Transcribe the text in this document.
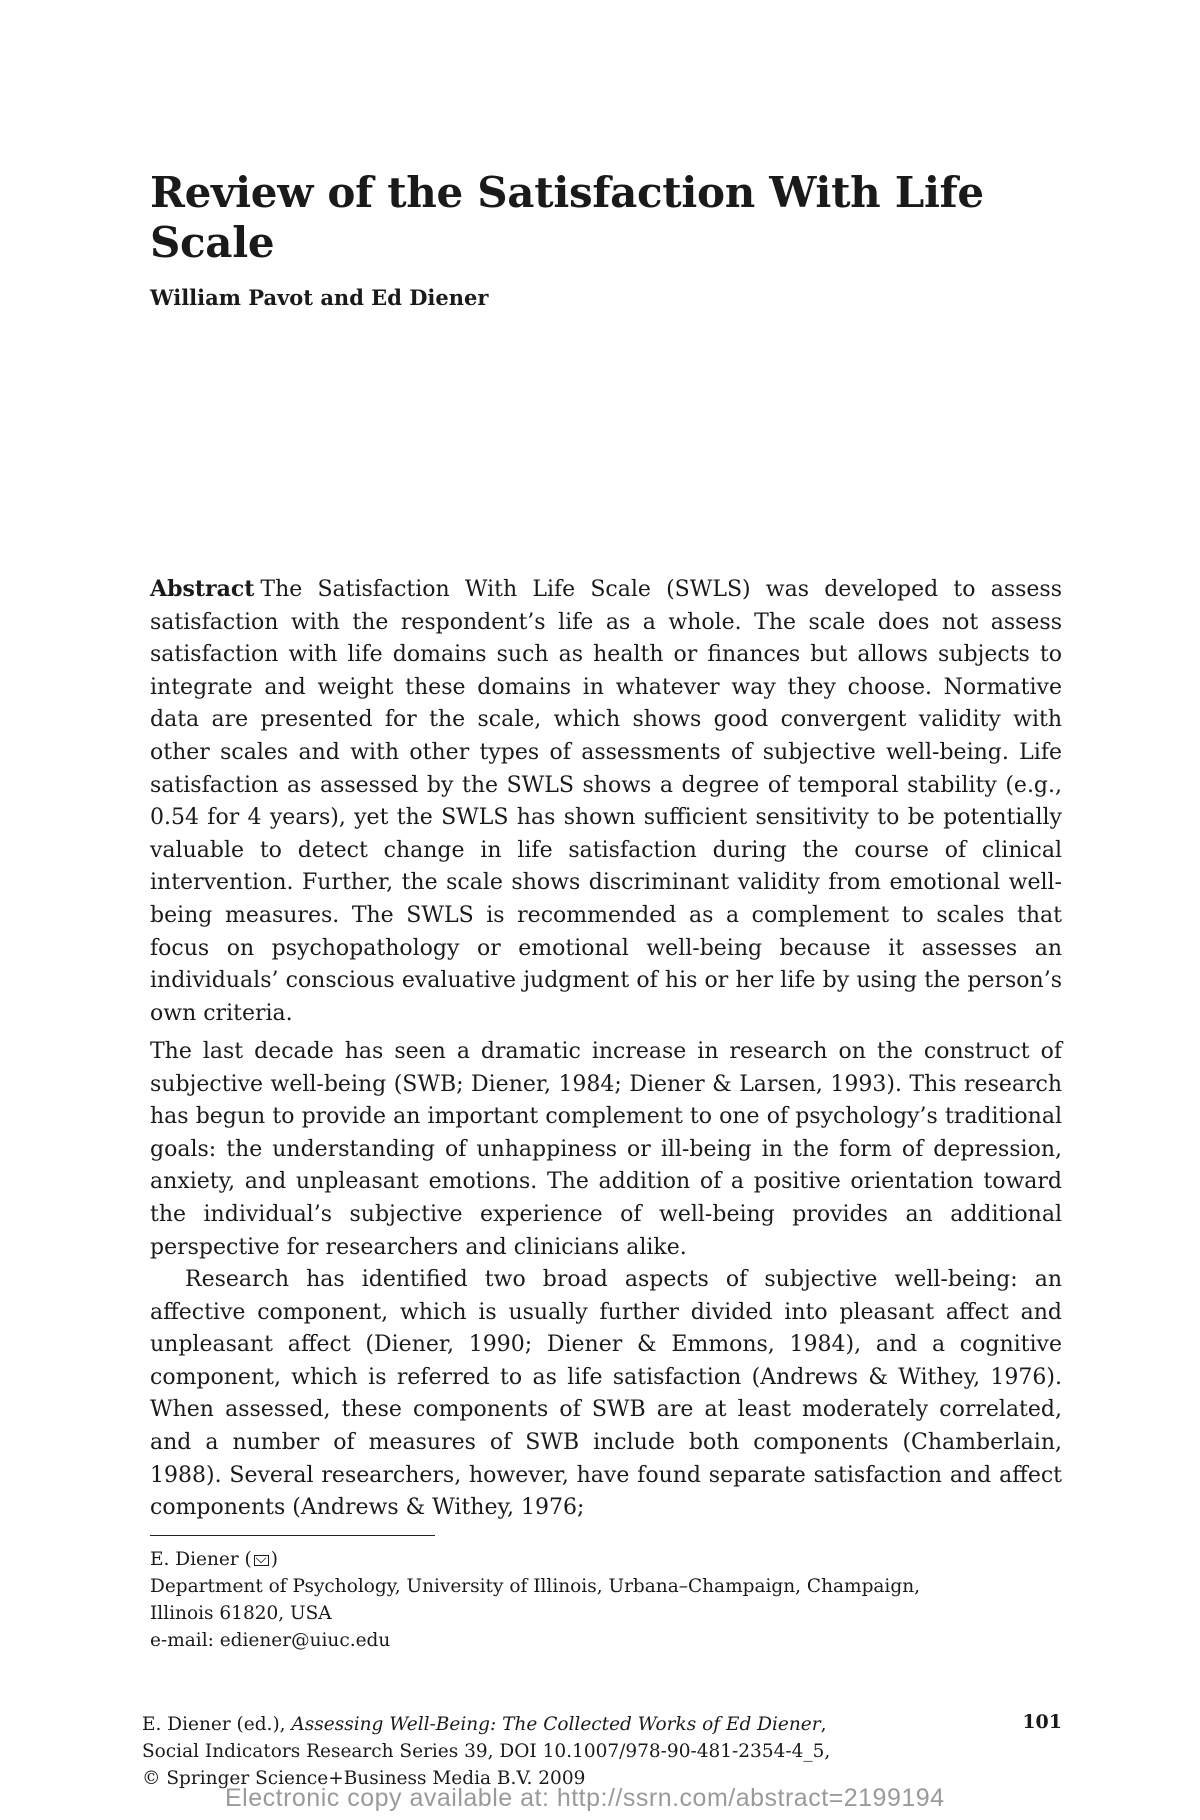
Review of the Satisfaction With Life Scale
William Pavot and Ed Diener
Abstract The Satisfaction With Life Scale (SWLS) was developed to assess satisfaction with the respondent’s life as a whole. The scale does not assess satisfaction with life domains such as health or finances but allows subjects to integrate and weight these domains in whatever way they choose. Normative data are presented for the scale, which shows good convergent validity with other scales and with other types of assessments of subjective well-being. Life satisfaction as assessed by the SWLS shows a degree of temporal stability (e.g., 0.54 for 4 years), yet the SWLS has shown sufficient sensitivity to be potentially valuable to detect change in life satisfaction during the course of clinical intervention. Further, the scale shows discriminant validity from emotional well-being measures. The SWLS is recommended as a complement to scales that focus on psychopathology or emotional well-being because it assesses an individuals’ conscious evaluative judgment of his or her life by using the person’s own criteria.
The last decade has seen a dramatic increase in research on the construct of subjective well-being (SWB; Diener, 1984; Diener & Larsen, 1993). This research has begun to provide an important complement to one of psychology’s traditional goals: the understanding of unhappiness or ill-being in the form of depression, anxiety, and unpleasant emotions. The addition of a positive orientation toward the individual’s subjective experience of well-being provides an additional perspective for researchers and clinicians alike.
Research has identified two broad aspects of subjective well-being: an affective component, which is usually further divided into pleasant affect and unpleasant affect (Diener, 1990; Diener & Emmons, 1984), and a cognitive component, which is referred to as life satisfaction (Andrews & Withey, 1976). When assessed, these components of SWB are at least moderately correlated, and a number of measures of SWB include both components (Chamberlain, 1988). Several researchers, however, have found separate satisfaction and affect components (Andrews & Withey, 1976;
E. Diener ( )
Department of Psychology, University of Illinois, Urbana–Champaign, Champaign,
Illinois 61820, USA
e-mail: ediener@uiuc.edu
E. Diener (ed.), Assessing Well-Being: The Collected Works of Ed Diener,
Social Indicators Research Series 39, DOI 10.1007/978-90-481-2354-4_5,
© Springer Science+Business Media B.V. 2009
101
Electronic copy available at: http://ssrn.com/abstract=2199194
